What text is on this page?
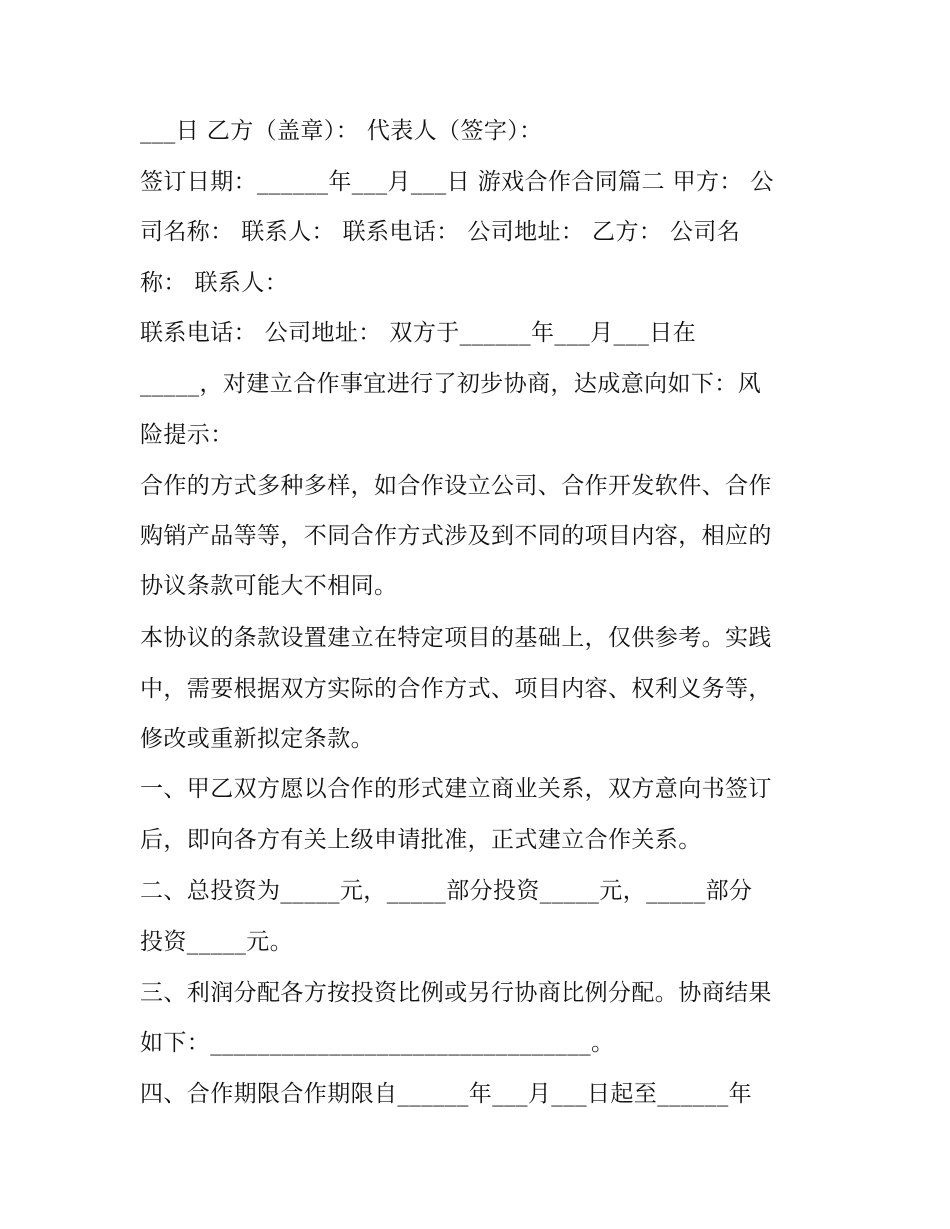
___日 乙方（盖章）： 代表人（签字）：

签订日期：______年___月___日 游戏合作合同篇二 甲方： 公

司名称： 联系人： 联系电话： 公司地址： 乙方： 公司名

称： 联系人：

联系电话： 公司地址： 双方于______年___月___日在

_____，对建立合作事宜进行了初步协商，达成意向如下：风

险提示：

合作的方式多种多样，如合作设立公司、合作开发软件、合作

购销产品等等，不同合作方式涉及到不同的项目内容，相应的

协议条款可能大不相同。

本协议的条款设置建立在特定项目的基础上，仅供参考。实践

中，需要根据双方实际的合作方式、项目内容、权利义务等，

修改或重新拟定条款。

一、甲乙双方愿以合作的形式建立商业关系，双方意向书签订

后，即向各方有关上级申请批准，正式建立合作关系。

二、总投资为_____元，_____部分投资_____元，_____部分

投资_____元。

三、利润分配各方按投资比例或另行协商比例分配。协商结果

如下：________________________________。

四、合作期限合作期限自______年___月___日起至______年
